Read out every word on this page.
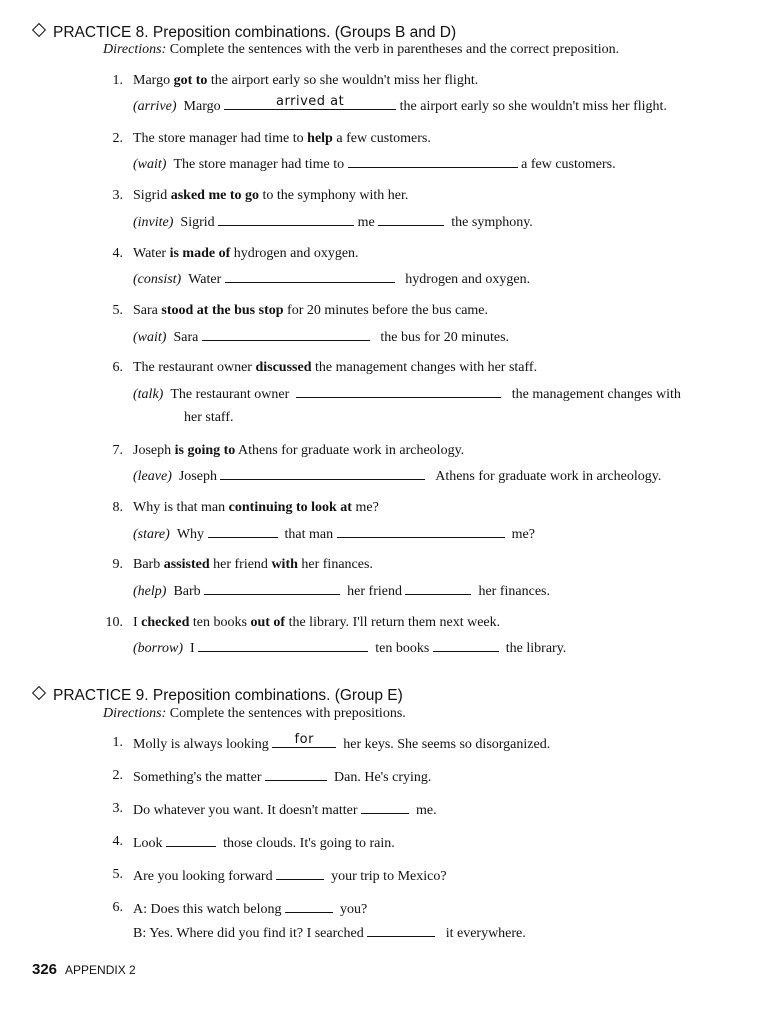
PRACTICE 8. Preposition combinations. (Groups B and D)
Directions: Complete the sentences with the verb in parentheses and the correct preposition.
1. Margo got to the airport early so she wouldn't miss her flight.
(arrive) Margo	arrived at	the airport early so she wouldn't miss her flight.
2. The store manager had time to help a few customers.
(wait) The store manager had time to	a few customers.
3. Sigrid asked me to go to the symphony with her.
(invite) Sigrid	me	the symphony.
4. Water is made of hydrogen and oxygen.
(consist) Water	hydrogen and oxygen.
5. Sara stood at the bus stop for 20 minutes before the bus came.
(wait) Sara	the bus for 20 minutes.
6. The restaurant owner discussed the management changes with her staff.
(talk) The restaurant owner	the management changes with
her staff.
7. Joseph is going to Athens for graduate work in archeology.
(leave) Joseph	Athens for graduate work in archeology.
8. Why is that man continuing to look at me?
(stare) Why	that man	me?
9. Barb assisted her friend with her finances.
(help) Barb	her friend	her finances.
10. I checked ten books out of the library. I'll return them next week.
(borrow) I	ten books	the library.
PRACTICE 9. Preposition combinations. (Group E)
Directions: Complete the sentences with prepositions.
1. Molly is always looking	for	her keys. She seems so disorganized.
2. Something's the matter	Dan. He's crying.
3. Do whatever you want. It doesn't matter	me.
4. Look	those clouds. It's going to rain.
5. Are you looking forward	your trip to Mexico?
6. A: Does this watch belong	you?
B: Yes. Where did you find it? I searched	it everywhere.
326 APPENDIX 2
